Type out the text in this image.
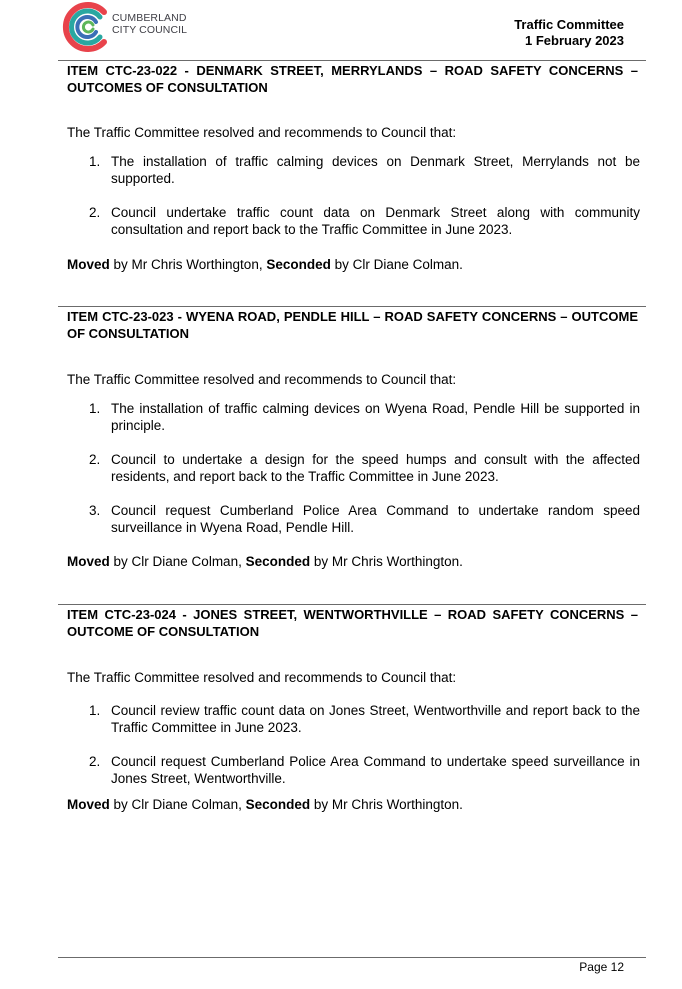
CUMBERLAND
CITY COUNCIL	Traffic Committee
1 February 2023
ITEM CTC-23-022 - DENMARK STREET, MERRYLANDS – ROAD SAFETY CONCERNS – OUTCOMES OF CONSULTATION
The Traffic Committee resolved and recommends to Council that:
1. The installation of traffic calming devices on Denmark Street, Merrylands not be supported.
2. Council undertake traffic count data on Denmark Street along with community consultation and report back to the Traffic Committee in June 2023.
Moved by Mr Chris Worthington, Seconded by Clr Diane Colman.
ITEM CTC-23-023 - WYENA ROAD, PENDLE HILL – ROAD SAFETY CONCERNS – OUTCOME OF CONSULTATION
The Traffic Committee resolved and recommends to Council that:
1. The installation of traffic calming devices on Wyena Road, Pendle Hill be supported in principle.
2. Council to undertake a design for the speed humps and consult with the affected residents, and report back to the Traffic Committee in June 2023.
3. Council request Cumberland Police Area Command to undertake random speed surveillance in Wyena Road, Pendle Hill.
Moved by Clr Diane Colman, Seconded by Mr Chris Worthington.
ITEM CTC-23-024 - JONES STREET, WENTWORTHVILLE – ROAD SAFETY CONCERNS – OUTCOME OF CONSULTATION
The Traffic Committee resolved and recommends to Council that:
1. Council review traffic count data on Jones Street, Wentworthville and report back to the Traffic Committee in June 2023.
2. Council request Cumberland Police Area Command to undertake speed surveillance in Jones Street, Wentworthville.
Moved by Clr Diane Colman, Seconded by Mr Chris Worthington.
Page 12
